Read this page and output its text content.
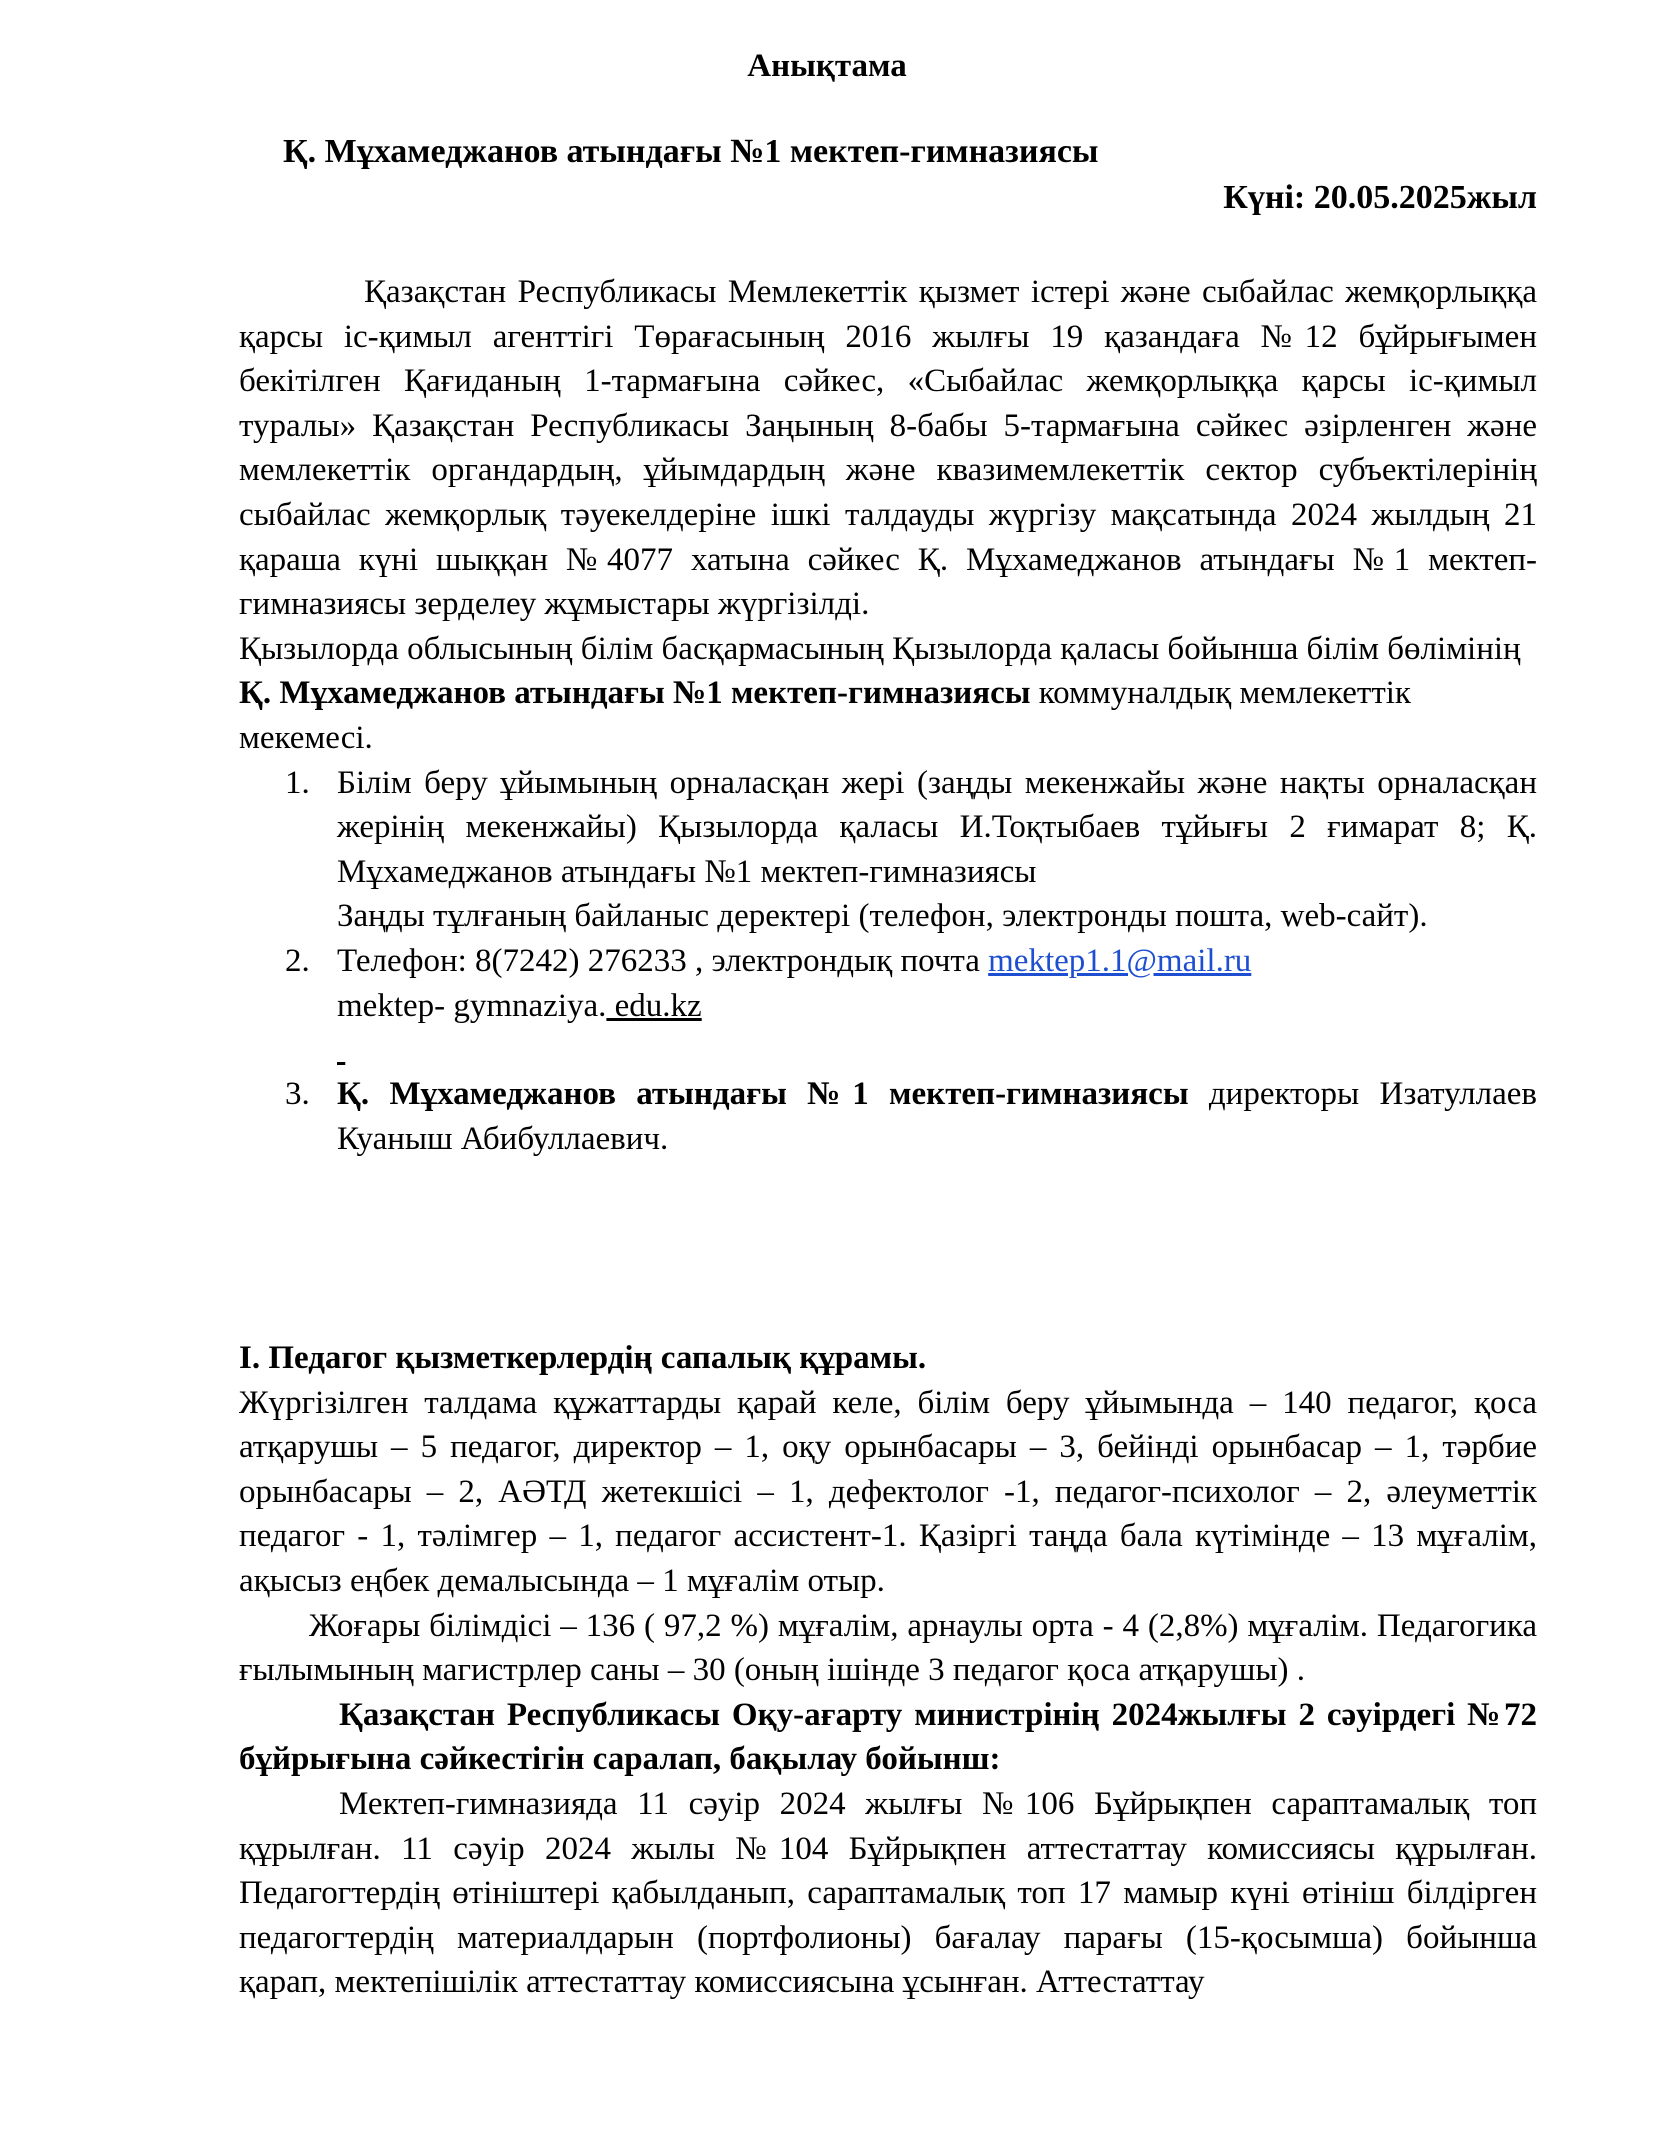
Анықтама
Қ. Мұхамеджанов атындағы №1 мектеп-гимназиясы
Күні: 20.05.2025жыл

Қазақстан Республикасы Мемлекеттік қызмет істері және сыбайлас жемқорлыққа қарсы іс-қимыл агенттігі Төрағасының 2016 жылғы 19 қазандаға №12 бұйрығымен бекітілген Қағиданың 1-тармағына сәйкес, «Сыбайлас жемқорлыққа қарсы іс-қимыл туралы» Қазақстан Республикасы Заңының 8-бабы 5-тармағына сәйкес әзірленген және мемлекеттік органдардың, ұйымдардың және квазимемлекеттік сектор субъектілерінің сыбайлас жемқорлық тәуекелдеріне ішкі талдауды жүргізу мақсатында 2024 жылдың 21 қараша күні шыққан №4077 хатына сәйкес Қ. Мұхамеджанов атындағы №1 мектеп-гимназиясы зерделеу жұмыстары жүргізілді.

Қызылорда облысының білім басқармасының Қызылорда қаласы бойынша білім бөлімінің Қ. Мұхамеджанов атындағы №1 мектеп-гимназиясы коммуналдық мемлекеттік мекемесі.

1. Білім беру ұйымының орналасқан жері (заңды мекенжайы және нақты орналасқан жерінің мекенжайы) Қызылорда қаласы И.Тоқтыбаев тұйығы 2 ғимарат 8; Қ. Мұхамеджанов атындағы №1 мектеп-гимназиясы
Заңды тұлғаның байланыс деректері (телефон, электронды пошта, web-сайт).
2. Телефон: 8(7242) 276233 , электрондық почта mektep1.1@mail.ru
mektep- gymnaziya. edu.kz

3. Қ. Мұхамеджанов атындағы №1 мектеп-гимназиясы директоры Изатуллаев Куаныш Абибуллаевич.

І. Педагог қызметкерлердің сапалық құрамы.

Жүргізілген талдама құжаттарды қарай келе, білім беру ұйымында – 140 педагог, қоса атқарушы – 5 педагог, директор – 1, оқу орынбасары – 3, бейінді орынбасар – 1, тәрбие орынбасары – 2, АӘТД жетекшісі – 1, дефектолог -1, педагог-психолог – 2, әлеуметтік педагог - 1, тәлімгер – 1, педагог ассистент-1. Қазіргі таңда бала күтімінде – 13 мұғалім, ақысыз еңбек демалысында – 1 мұғалім отыр.

Жоғары білімдісі – 136 ( 97,2 %) мұғалім, арнаулы орта - 4 (2,8%) мұғалім. Педагогика ғылымының магистрлер саны – 30 (оның ішінде 3 педагог қоса атқарушы) .

Қазақстан Республикасы Оқу-ағарту министрінің 2024жылғы 2 сәуірдегі №72 бұйрығына сәйкестігін саралап, бақылау бойынш:

Мектеп-гимназияда 11 сәуір 2024 жылғы №106 Бұйрықпен сараптамалық топ құрылған. 11 сәуір 2024 жылы №104 Бұйрықпен аттестаттау комиссиясы құрылған. Педагогтердің өтініштері қабылданып, сараптамалық топ 17 мамыр күні өтініш білдірген педагогтердің материалдарын (портфолионы) бағалау парағы (15-қосымша) бойынша қарап, мектепішілік аттестаттау комиссиясына ұсынған. Аттестаттау
